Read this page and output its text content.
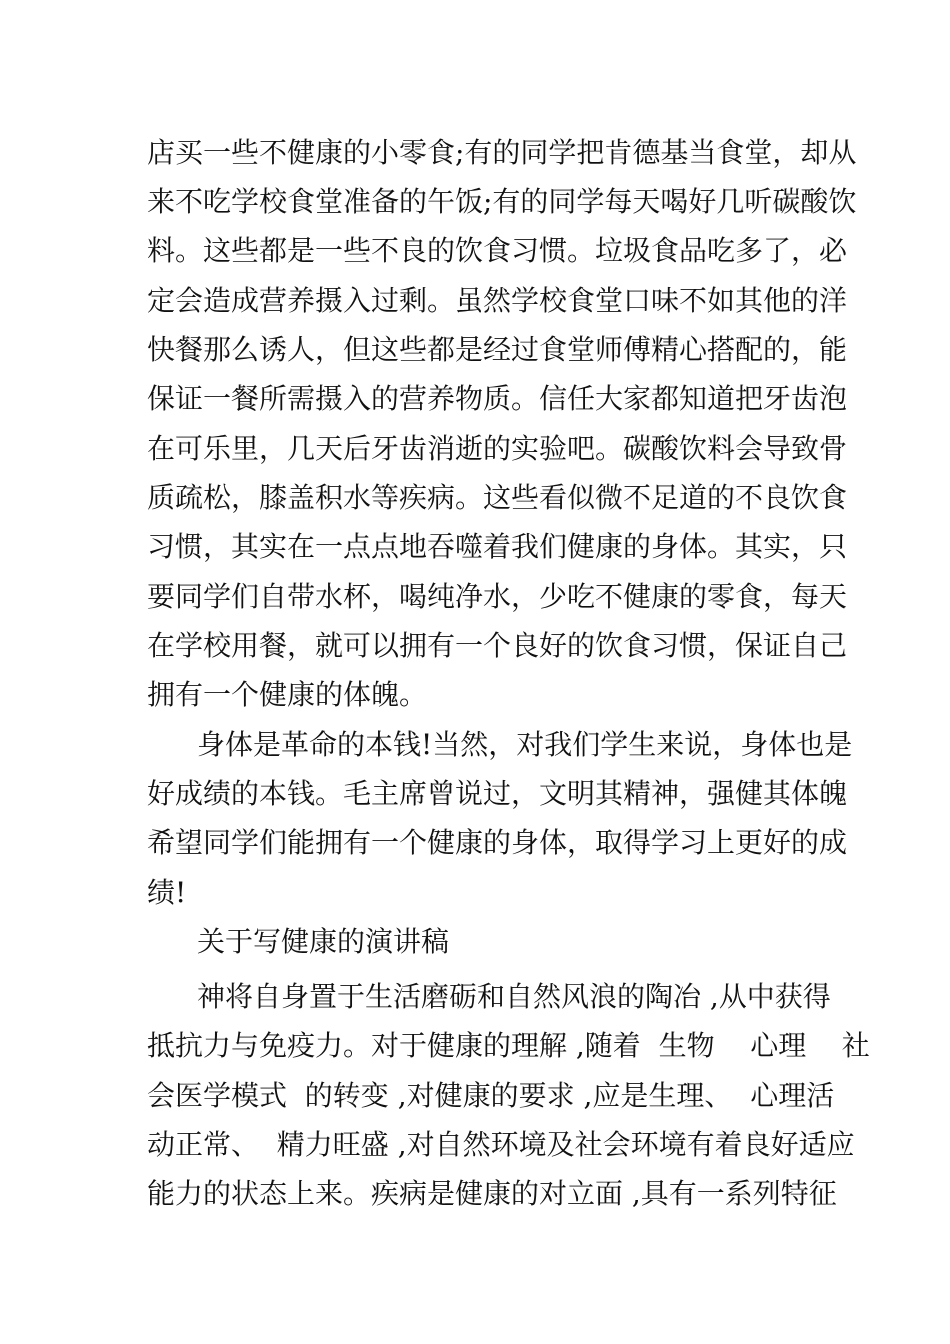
店买一些不健康的小零食;有的同学把肯德基当食堂，却从
来不吃学校食堂准备的午饭;有的同学每天喝好几听碳酸饮
料。这些都是一些不良的饮食习惯。垃圾食品吃多了，必
定会造成营养摄入过剩。虽然学校食堂口味不如其他的洋
快餐那么诱人，但这些都是经过食堂师傅精心搭配的，能
保证一餐所需摄入的营养物质。信任大家都知道把牙齿泡
在可乐里，几天后牙齿消逝的实验吧。碳酸饮料会导致骨
质疏松，膝盖积水等疾病。这些看似微不足道的不良饮食
习惯，其实在一点点地吞噬着我们健康的身体。其实，只
要同学们自带水杯，喝纯净水，少吃不健康的零食，每天
在学校用餐，就可以拥有一个良好的饮食习惯，保证自己
拥有一个健康的体魄。
身体是革命的本钱!当然，对我们学生来说，身体也是
好成绩的本钱。毛主席曾说过，文明其精神，强健其体魄
希望同学们能拥有一个健康的身体，取得学习上更好的成
绩!
关于写健康的演讲稿
神将自身置于生活磨砺和自然风浪的陶冶 ,从中获得
抵抗力与免疫力。对于健康的理解 ,随着  生物    心理    社
会医学模式  的转变 ,对健康的要求 ,应是生理、  心理活
动正常、  精力旺盛 ,对自然环境及社会环境有着良好适应
能力的状态上来。疾病是健康的对立面 ,具有一系列特征
